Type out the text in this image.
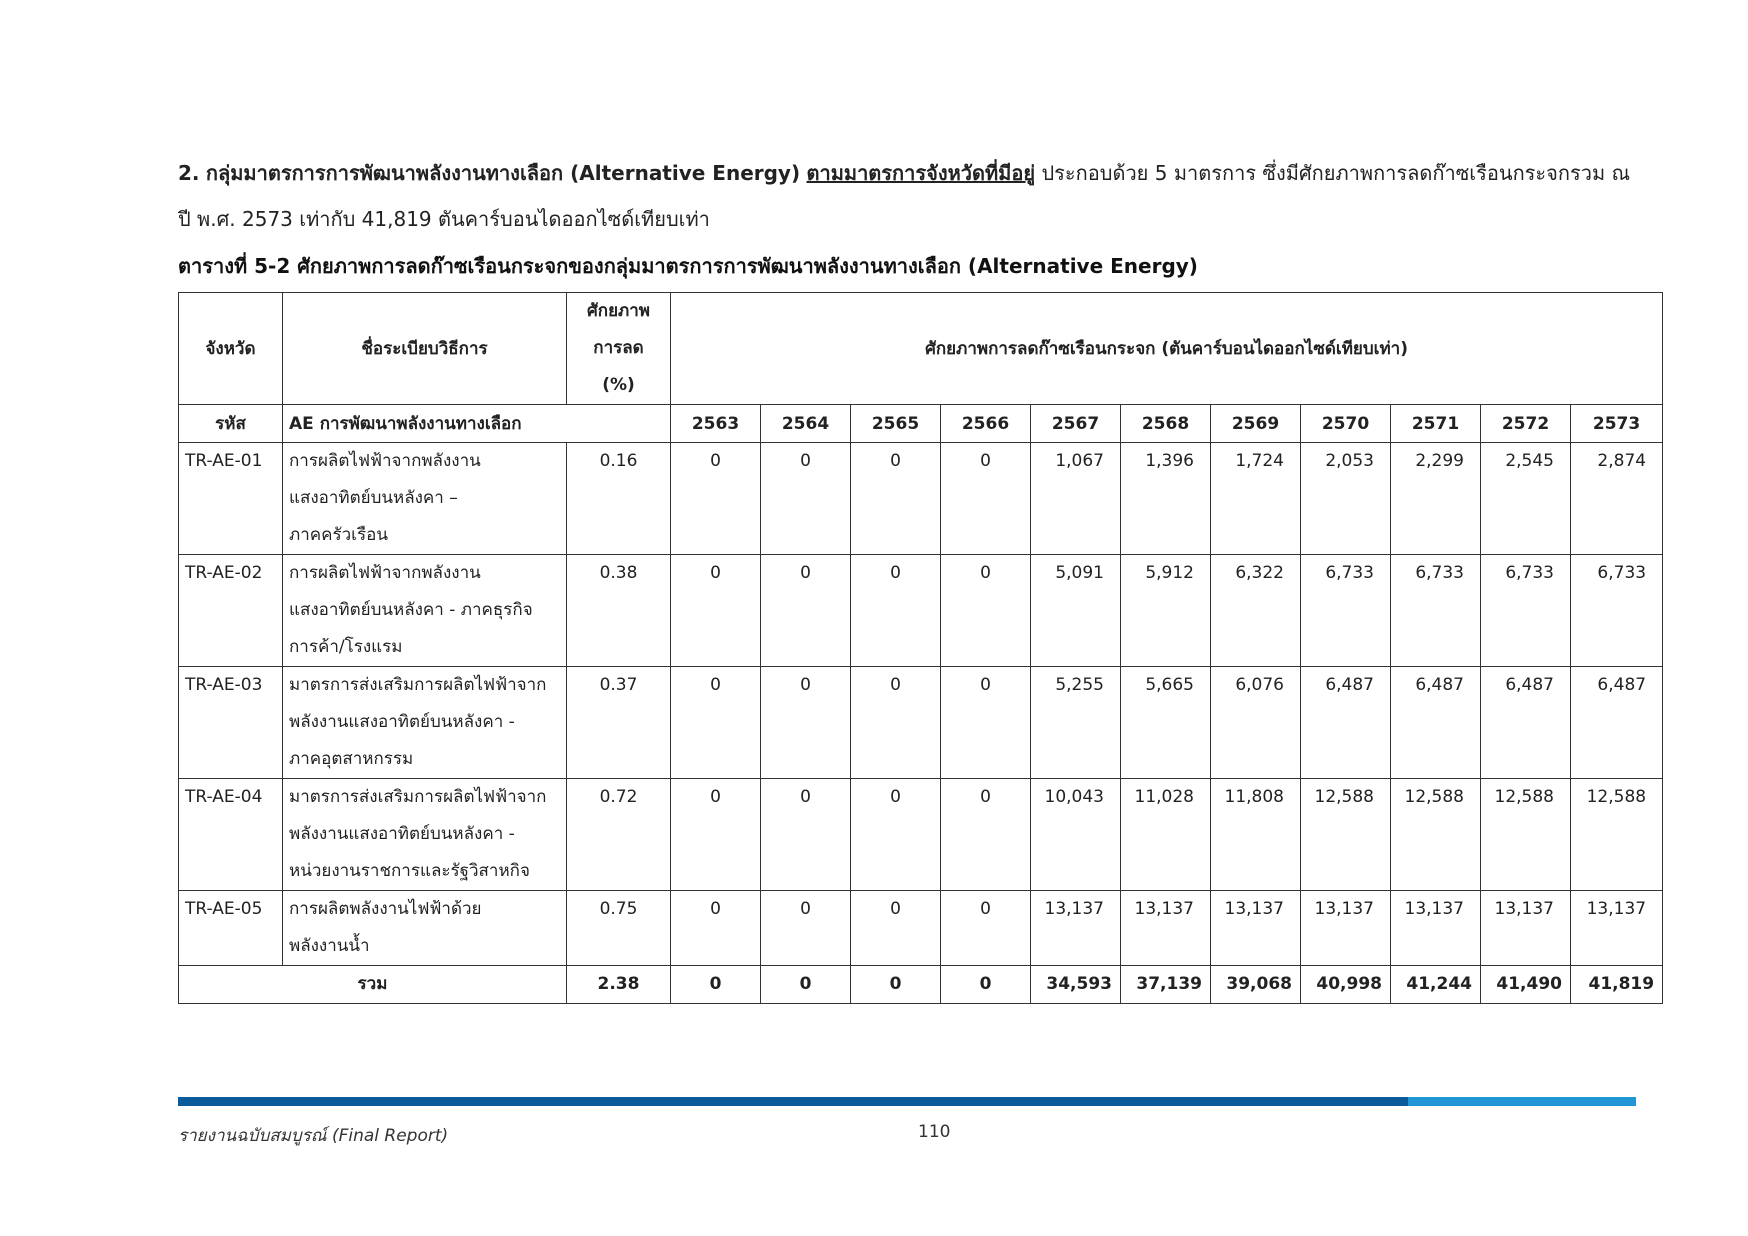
2. กลุ่มมาตรการการพัฒนาพลังงานทางเลือก (Alternative Energy) ตามมาตรการจังหวัดที่มีอยู่ ประกอบด้วย 5 มาตรการ ซึ่งมีศักยภาพการลดก๊าซเรือนกระจกรวม ณ ปี พ.ศ. 2573 เท่ากับ 41,819 ตันคาร์บอนไดออกไซด์เทียบเท่า
ตารางที่ 5-2 ศักยภาพการลดก๊าซเรือนกระจกของกลุ่มมาตรการการพัฒนาพลังงานทางเลือก (Alternative Energy)
จังหวัด	ชื่อระเบียบวิธีการ	ศักยภาพ
การลด
(%)	ศักยภาพการลดก๊าซเรือนกระจก (ตันคาร์บอนไดออกไซด์เทียบเท่า)										
รหัส	AE การพัฒนาพลังงานทางเลือก		2563	2564	2565	2566	2567	2568	2569	2570	2571	2572	2573
TR-AE-01	การผลิตไฟฟ้าจากพลังงาน
แสงอาทิตย์บนหลังคา –
ภาคครัวเรือน	0.16	0	0	0	0	1,067	1,396	1,724	2,053	2,299	2,545	2,874
TR-AE-02	การผลิตไฟฟ้าจากพลังงาน
แสงอาทิตย์บนหลังคา - ภาคธุรกิจ
การค้า/โรงแรม	0.38	0	0	0	0	5,091	5,912	6,322	6,733	6,733	6,733	6,733
TR-AE-03	มาตรการส่งเสริมการผลิตไฟฟ้าจาก
พลังงานแสงอาทิตย์บนหลังคา -
ภาคอุตสาหกรรม	0.37	0	0	0	0	5,255	5,665	6,076	6,487	6,487	6,487	6,487
TR-AE-04	มาตรการส่งเสริมการผลิตไฟฟ้าจาก
พลังงานแสงอาทิตย์บนหลังคา -
หน่วยงานราชการและรัฐวิสาหกิจ	0.72	0	0	0	0	10,043	11,028	11,808	12,588	12,588	12,588	12,588
TR-AE-05	การผลิตพลังงานไฟฟ้าด้วย
พลังงานน้ำ	0.75	0	0	0	0	13,137	13,137	13,137	13,137	13,137	13,137	13,137
รวม		2.38	0	0	0	0	34,593	37,139	39,068	40,998	41,244	41,490	41,819
รายงานฉบับสมบูรณ์ (Final Report)	110
